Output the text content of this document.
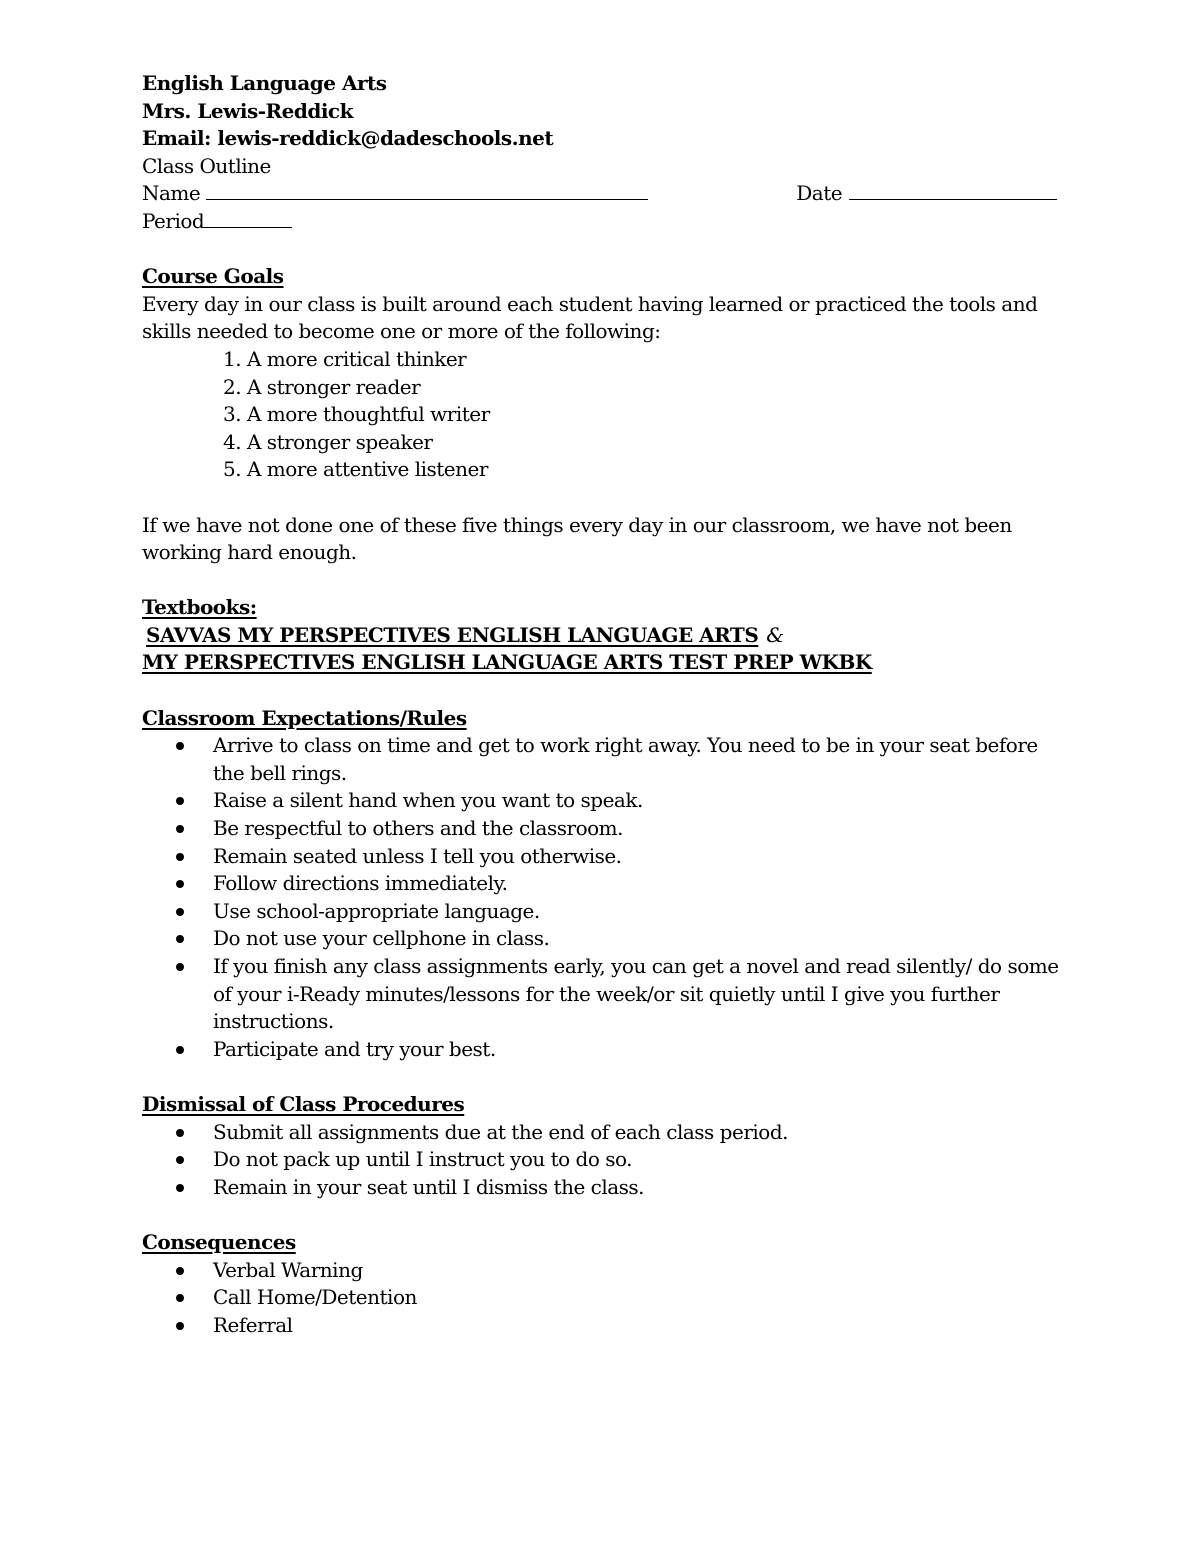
English Language Arts
Mrs. Lewis-Reddick
Email: lewis-reddick@dadeschools.net
Class Outline
Name	Date
Period
Course Goals
Every day in our class is built around each student having learned or practiced the tools and skills needed to become one or more of the following:
1. A more critical thinker
2. A stronger reader
3. A more thoughtful writer
4. A stronger speaker
5. A more attentive listener
If we have not done one of these five things every day in our classroom, we have not been working hard enough.
Textbooks:
SAVVAS MY PERSPECTIVES ENGLISH LANGUAGE ARTS &
MY PERSPECTIVES ENGLISH LANGUAGE ARTS TEST PREP WKBK
Classroom Expectations/Rules
Arrive to class on time and get to work right away. You need to be in your seat before the bell rings.
Raise a silent hand when you want to speak.
Be respectful to others and the classroom.
Remain seated unless I tell you otherwise.
Follow directions immediately.
Use school-appropriate language.
Do not use your cellphone in class.
If you finish any class assignments early, you can get a novel and read silently/ do some of your i-Ready minutes/lessons for the week/or sit quietly until I give you further instructions.
Participate and try your best.
Dismissal of Class Procedures
Submit all assignments due at the end of each class period.
Do not pack up until I instruct you to do so.
Remain in your seat until I dismiss the class.
Consequences
Verbal Warning
Call Home/Detention
Referral
